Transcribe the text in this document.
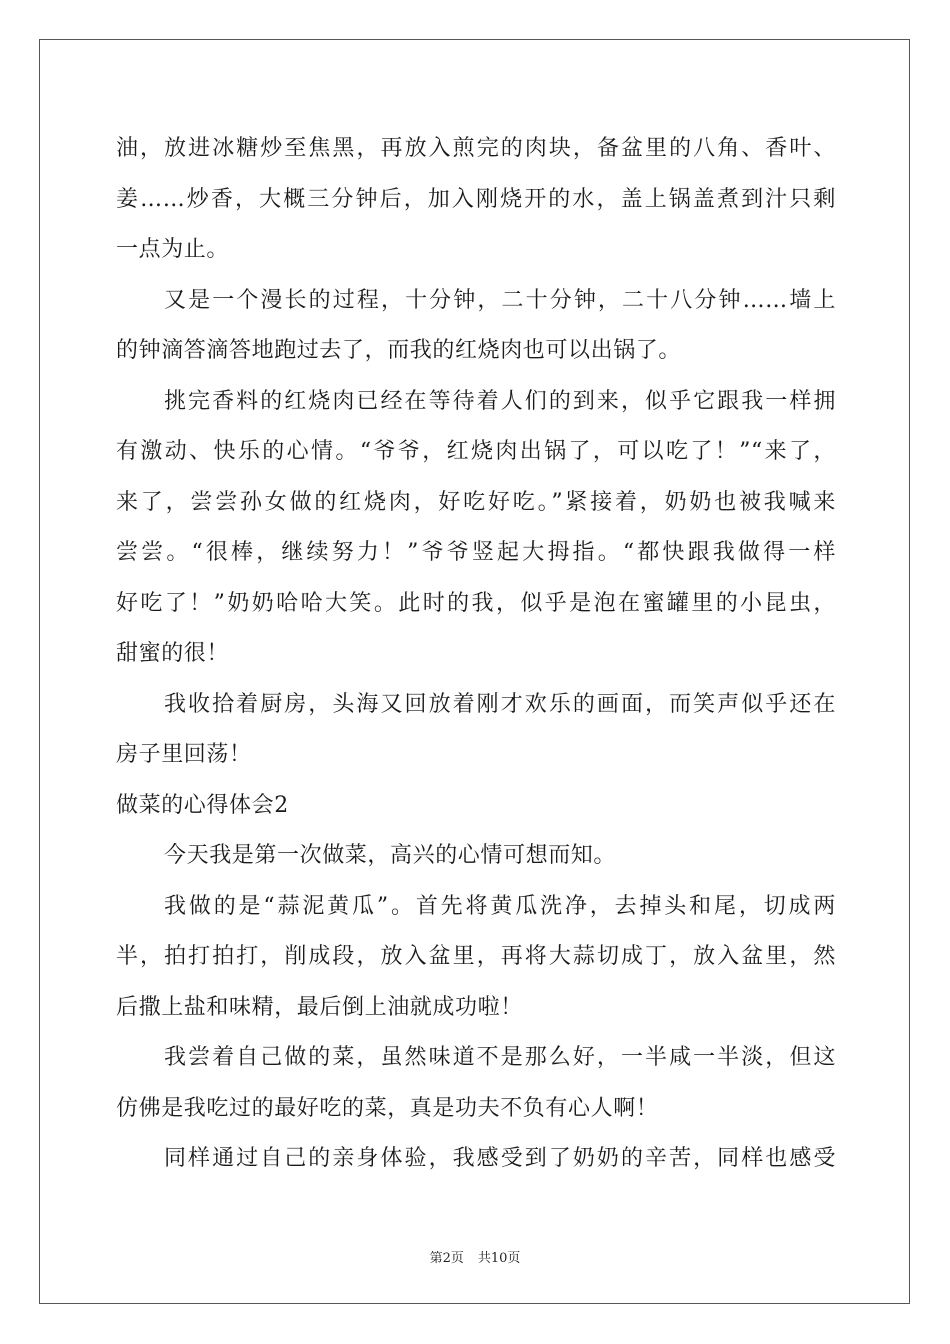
油，放进冰糖炒至焦黑，再放入煎完的肉块，备盆里的八角、香叶、
姜……炒香，大概三分钟后，加入刚烧开的水，盖上锅盖煮到汁只剩
一点为止。
又是一个漫长的过程，十分钟，二十分钟，二十八分钟……墙上
的钟滴答滴答地跑过去了，而我的红烧肉也可以出锅了。
挑完香料的红烧肉已经在等待着人们的到来，似乎它跟我一样拥
有激动、快乐的心情。“爷爷，红烧肉出锅了，可以吃了！”“来了，
来了，尝尝孙女做的红烧肉，好吃好吃。”紧接着，奶奶也被我喊来
尝尝。“很棒，继续努力！”爷爷竖起大拇指。“都快跟我做得一样
好吃了！”奶奶哈哈大笑。此时的我，似乎是泡在蜜罐里的小昆虫，
甜蜜的很！
我收拾着厨房，头海又回放着刚才欢乐的画面，而笑声似乎还在
房子里回荡！
做菜的心得体会2
今天我是第一次做菜，高兴的心情可想而知。
我做的是“蒜泥黄瓜”。首先将黄瓜洗净，去掉头和尾，切成两
半，拍打拍打，削成段，放入盆里，再将大蒜切成丁，放入盆里，然
后撒上盐和味精，最后倒上油就成功啦！
我尝着自己做的菜，虽然味道不是那么好，一半咸一半淡，但这
仿佛是我吃过的最好吃的菜，真是功夫不负有心人啊！
同样通过自己的亲身体验，我感受到了奶奶的辛苦，同样也感受
第2页 共10页
